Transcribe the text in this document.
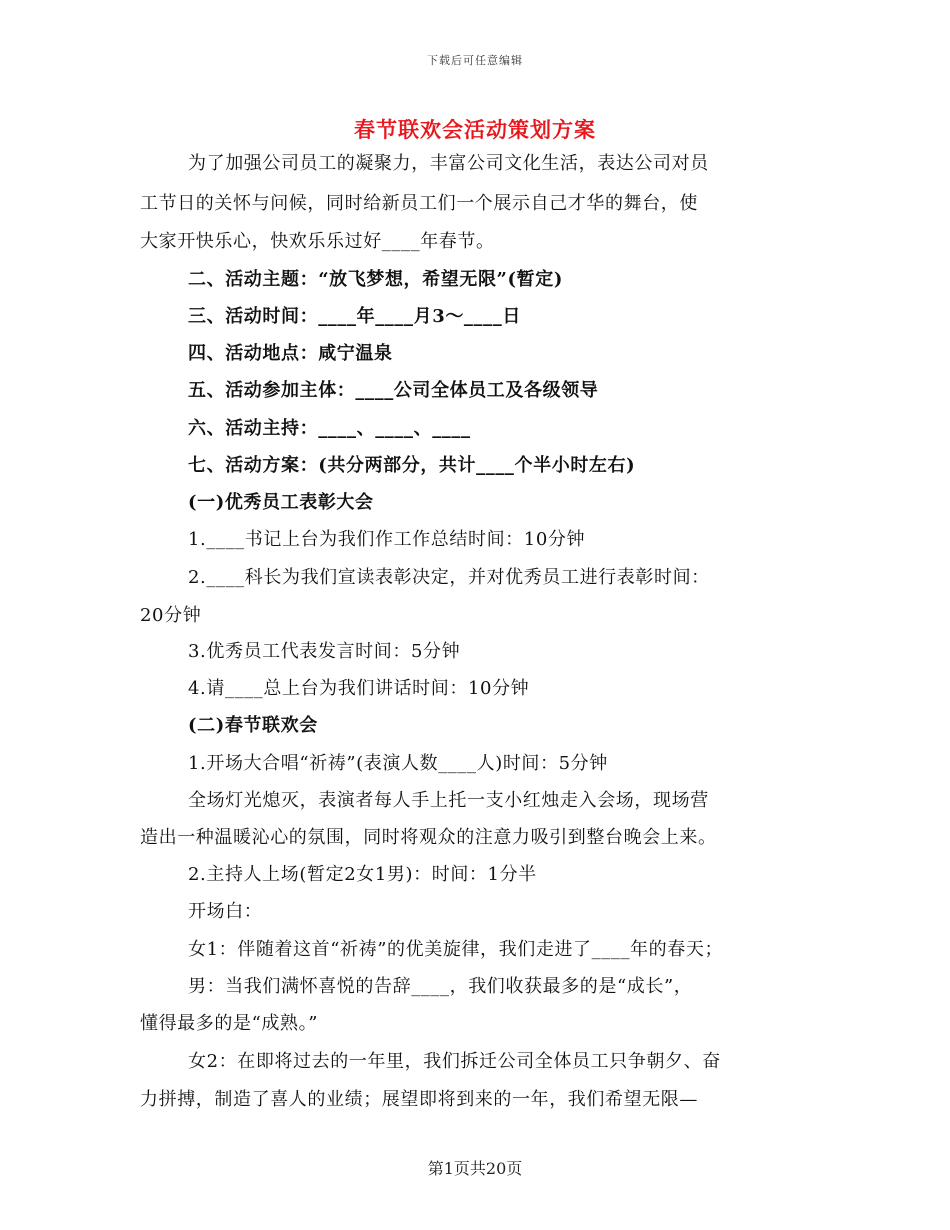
下载后可任意编辑
春节联欢会活动策划方案
为了加强公司员工的凝聚力，丰富公司文化生活，表达公司对员
工节日的关怀与问候，同时给新员工们一个展示自己才华的舞台，使
大家开快乐心，快欢乐乐过好____年春节。
二、活动主题：“放飞梦想，希望无限”(暂定)
三、活动时间：____年____月3～____日
四、活动地点：咸宁温泉
五、活动参加主体：____公司全体员工及各级领导
六、活动主持：____、____、____
七、活动方案：(共分两部分，共计____个半小时左右)
(一)优秀员工表彰大会
1.____书记上台为我们作工作总结时间：10分钟
2.____科长为我们宣读表彰决定，并对优秀员工进行表彰时间：
20分钟
3.优秀员工代表发言时间：5分钟
4.请____总上台为我们讲话时间：10分钟
(二)春节联欢会
1.开场大合唱“祈祷”(表演人数____人)时间：5分钟
全场灯光熄灭，表演者每人手上托一支小红烛走入会场，现场营
造出一种温暖沁心的氛围，同时将观众的注意力吸引到整台晚会上来。
2.主持人上场(暂定2女1男)：时间：1分半
开场白：
女1：伴随着这首“祈祷”的优美旋律，我们走进了____年的春天；
男：当我们满怀喜悦的告辞____，我们收获最多的是“成长”，
懂得最多的是“成熟。”
女2：在即将过去的一年里，我们拆迁公司全体员工只争朝夕、奋
力拼搏，制造了喜人的业绩；展望即将到来的一年，我们希望无限—
第1页共20页
